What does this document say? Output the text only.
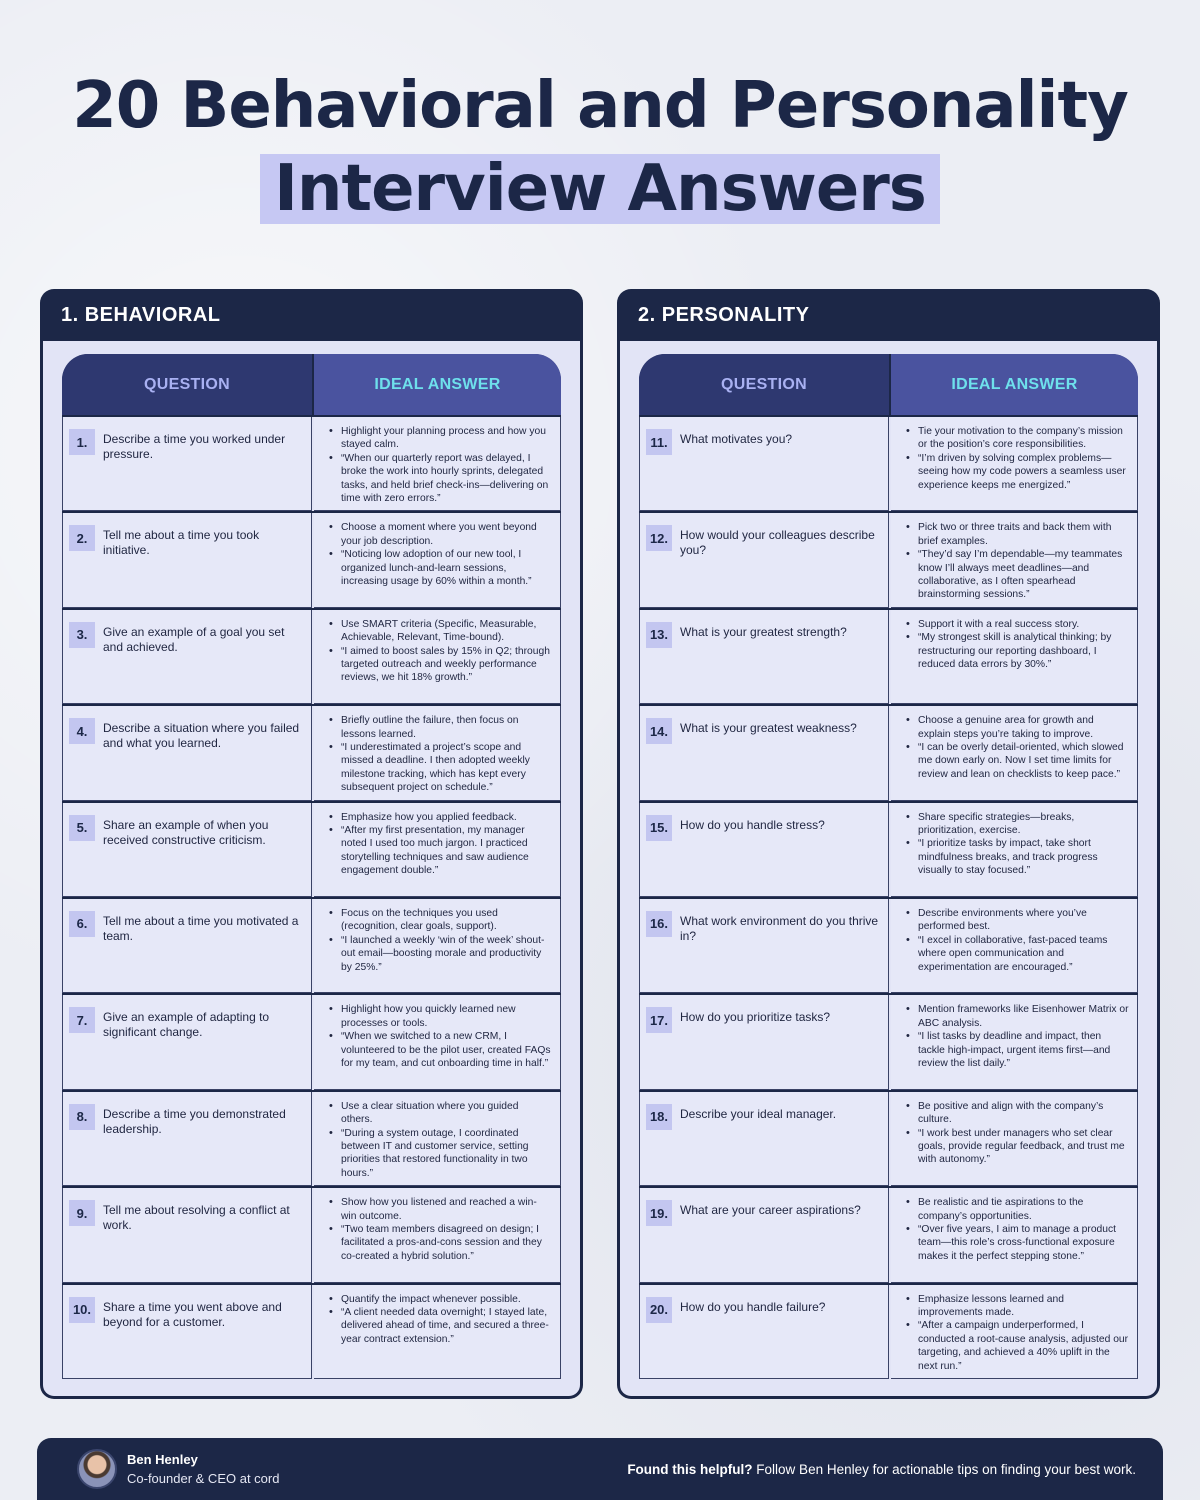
20 Behavioral and Personality
Interview Answers
1. BEHAVIORAL
QUESTION	IDEAL ANSWER
1.	Describe a time you worked under pressure.
• Highlight your planning process and how you stayed calm.
• “When our quarterly report was delayed, I broke the work into hourly sprints, delegated tasks, and held brief check-ins—delivering on time with zero errors.”
2.	Tell me about a time you took initiative.
• Choose a moment where you went beyond your job description.
• “Noticing low adoption of our new tool, I organized lunch-and-learn sessions, increasing usage by 60% within a month.”
3.	Give an example of a goal you set and achieved.
• Use SMART criteria (Specific, Measurable, Achievable, Relevant, Time-bound).
• “I aimed to boost sales by 15% in Q2; through targeted outreach and weekly performance reviews, we hit 18% growth.”
4.	Describe a situation where you failed and what you learned.
• Briefly outline the failure, then focus on lessons learned.
• “I underestimated a project’s scope and missed a deadline. I then adopted weekly milestone tracking, which has kept every subsequent project on schedule.”
5.	Share an example of when you received constructive criticism.
• Emphasize how you applied feedback.
• “After my first presentation, my manager noted I used too much jargon. I practiced storytelling techniques and saw audience engagement double.”
6.	Tell me about a time you motivated a team.
• Focus on the techniques you used (recognition, clear goals, support).
• “I launched a weekly ‘win of the week’ shout-out email—boosting morale and productivity by 25%.”
7.	Give an example of adapting to significant change.
• Highlight how you quickly learned new processes or tools.
• “When we switched to a new CRM, I volunteered to be the pilot user, created FAQs for my team, and cut onboarding time in half.”
8.	Describe a time you demonstrated leadership.
• Use a clear situation where you guided others.
• “During a system outage, I coordinated between IT and customer service, setting priorities that restored functionality in two hours.”
9.	Tell me about resolving a conflict at work.
• Show how you listened and reached a win-win outcome.
• “Two team members disagreed on design; I facilitated a pros-and-cons session and they co-created a hybrid solution.”
10. Share a time you went above and beyond for a customer.
• Quantify the impact whenever possible.
• “A client needed data overnight; I stayed late, delivered ahead of time, and secured a three-year contract extension.”
2. PERSONALITY
QUESTION	IDEAL ANSWER
11.	What motivates you?
• Tie your motivation to the company’s mission or the position’s core responsibilities.
• “I’m driven by solving complex problems—seeing how my code powers a seamless user experience keeps me energized.”
12. How would your colleagues describe you?
• Pick two or three traits and back them with brief examples.
• “They’d say I’m dependable—my teammates know I’ll always meet deadlines—and collaborative, as I often spearhead brainstorming sessions.”
13. What is your greatest strength?
• Support it with a real success story.
• “My strongest skill is analytical thinking; by restructuring our reporting dashboard, I reduced data errors by 30%.”
14. What is your greatest weakness?
• Choose a genuine area for growth and explain steps you’re taking to improve.
• “I can be overly detail-oriented, which slowed me down early on. Now I set time limits for review and lean on checklists to keep pace.”
15. How do you handle stress?
• Share specific strategies—breaks, prioritization, exercise.
• “I prioritize tasks by impact, take short mindfulness breaks, and track progress visually to stay focused.”
16. What work environment do you thrive in?
• Describe environments where you’ve performed best.
• “I excel in collaborative, fast-paced teams where open communication and experimentation are encouraged.”
17. How do you prioritize tasks?
• Mention frameworks like Eisenhower Matrix or ABC analysis.
• “I list tasks by deadline and impact, then tackle high-impact, urgent items first—and review the list daily.”
18. Describe your ideal manager.
• Be positive and align with the company’s culture.
• “I work best under managers who set clear goals, provide regular feedback, and trust me with autonomy.”
19. What are your career aspirations?
• Be realistic and tie aspirations to the company’s opportunities.
• “Over five years, I aim to manage a product team—this role’s cross-functional exposure makes it the perfect stepping stone.”
20. How do you handle failure?
• Emphasize lessons learned and improvements made.
• “After a campaign underperformed, I conducted a root-cause analysis, adjusted our targeting, and achieved a 40% uplift in the next run.”
Ben Henley
Co-founder & CEO at cord
Found this helpful? Follow Ben Henley for actionable tips on finding your best work.
